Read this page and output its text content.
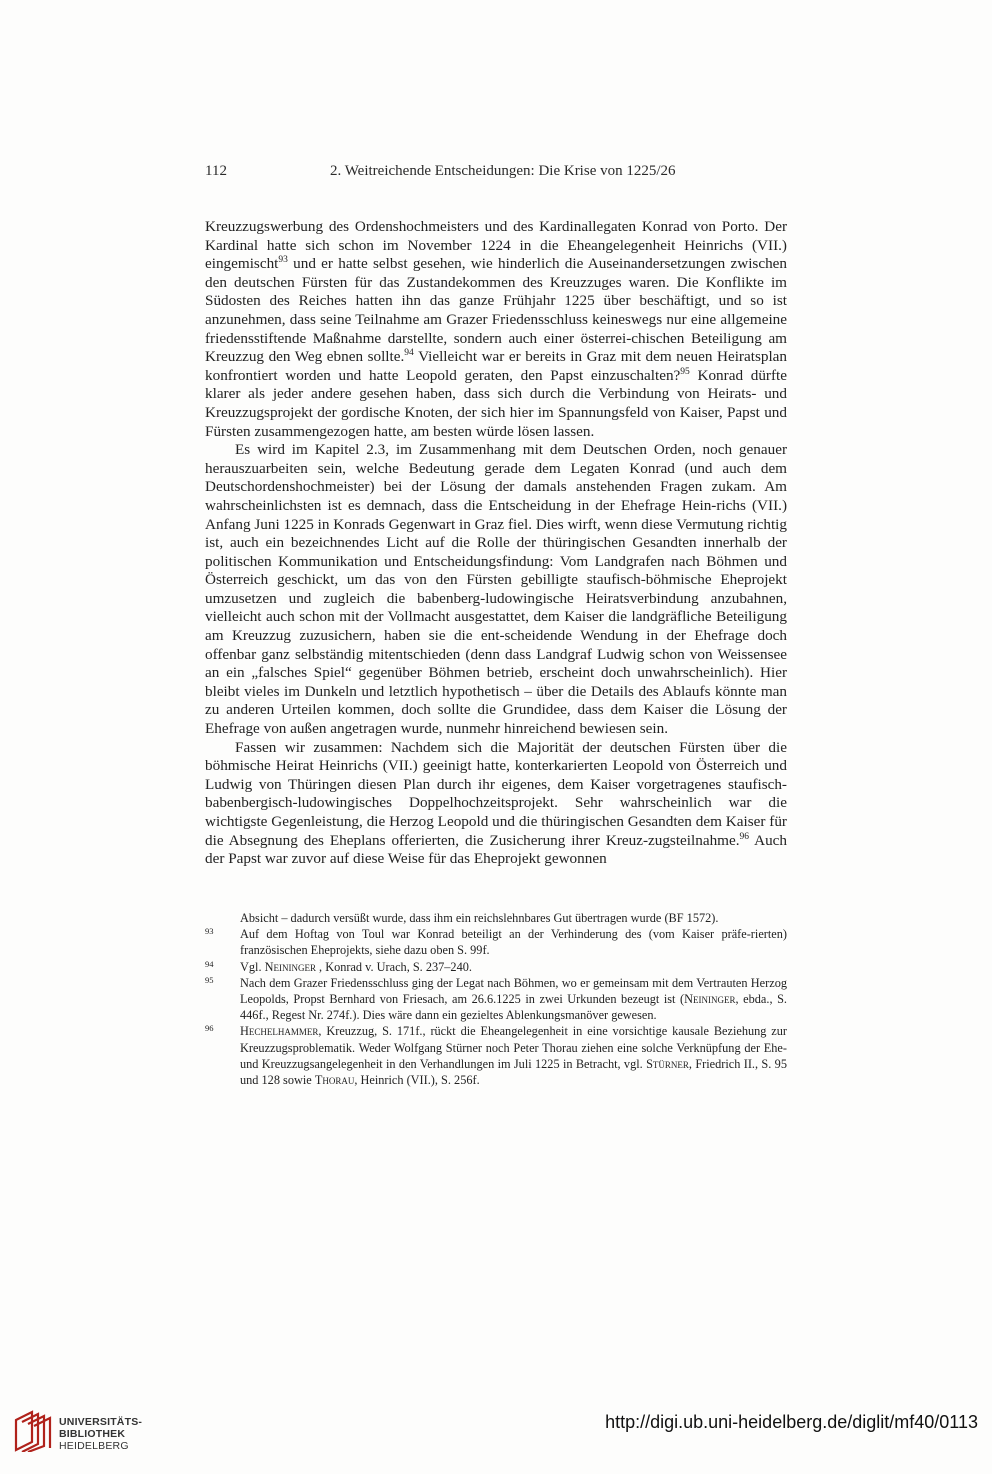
112	2. Weitreichende Entscheidungen: Die Krise von 1225/26

Kreuzzugswerbung des Ordenshochmeisters und des Kardinallegaten Konrad von Porto. Der Kardinal hatte sich schon im November 1224 in die Eheangelegenheit Heinrichs (VII.) eingemischt$^{93}$ und er hatte selbst gesehen, wie hinderlich die Auseinandersetzungen zwischen den deutschen Fürsten für das Zustandekommen des Kreuzzuges waren. Die Konflikte im Südosten des Reiches hatten ihn das ganze Frühjahr 1225 über beschäftigt, und so ist anzunehmen, dass seine Teilnahme am Grazer Friedensschluss keineswegs nur eine allgemeine friedensstiftende Maßnahme darstellte, sondern auch einer österrei-chischen Beteiligung am Kreuzzug den Weg ebnen sollte.$^{94}$ Vielleicht war er bereits in Graz mit dem neuen Heiratsplan konfrontiert worden und hatte Leopold geraten, den Papst einzuschalten?$^{95}$ Konrad dürfte klarer als jeder andere gesehen haben, dass sich durch die Verbindung von Heirats- und Kreuzzugsprojekt der gordische Knoten, der sich hier im Spannungsfeld von Kaiser, Papst und Fürsten zusammengezogen hatte, am besten würde lösen lassen.

Es wird im Kapitel 2.3, im Zusammenhang mit dem Deutschen Orden, noch genauer herauszuarbeiten sein, welche Bedeutung gerade dem Legaten Konrad (und auch dem Deutschordenshochmeister) bei der Lösung der damals anstehenden Fragen zukam. Am wahrscheinlichsten ist es demnach, dass die Entscheidung in der Ehefrage Hein-richs (VII.) Anfang Juni 1225 in Konrads Gegenwart in Graz fiel. Dies wirft, wenn diese Vermutung richtig ist, auch ein bezeichnendes Licht auf die Rolle der thüringischen Gesandten innerhalb der politischen Kommunikation und Entscheidungsfindung: Vom Landgrafen nach Böhmen und Österreich geschickt, um das von den Fürsten gebilligte staufisch-böhmische Eheprojekt umzusetzen und zugleich die babenberg-ludowingische Heiratsverbindung anzubahnen, vielleicht auch schon mit der Vollmacht ausgestattet, dem Kaiser die landgräfliche Beteiligung am Kreuzzug zuzusichern, haben sie die ent-scheidende Wendung in der Ehefrage doch offenbar ganz selbständig mitentschieden (denn dass Landgraf Ludwig schon von Weissensee an ein „falsches Spiel“ gegenüber Böhmen betrieb, erscheint doch unwahrscheinlich). Hier bleibt vieles im Dunkeln und letztlich hypothetisch – über die Details des Ablaufs könnte man zu anderen Urteilen kommen, doch sollte die Grundidee, dass dem Kaiser die Lösung der Ehefrage von außen angetragen wurde, nunmehr hinreichend bewiesen sein.

Fassen wir zusammen: Nachdem sich die Majorität der deutschen Fürsten über die böhmische Heirat Heinrichs (VII.) geeinigt hatte, konterkarierten Leopold von Österreich und Ludwig von Thüringen diesen Plan durch ihr eigenes, dem Kaiser vorgetragenes staufisch-babenbergisch-ludowingisches Doppelhochzeitsprojekt. Sehr wahrscheinlich war die wichtigste Gegenleistung, die Herzog Leopold und die thüringischen Gesandten dem Kaiser für die Absegnung des Eheplans offerierten, die Zusicherung ihrer Kreuz-zugsteilnahme.$^{96}$ Auch der Papst war zuvor auf diese Weise für das Eheprojekt gewonnen

Absicht – dadurch versüßt wurde, dass ihm ein reichslehnbares Gut übertragen wurde (BF 1572).

93 Auf dem Hoftag von Toul war Konrad beteiligt an der Verhinderung des (vom Kaiser präfe-rierten) französischen Eheprojekts, siehe dazu oben S. 99f.

94 Vgl. Neininger , Konrad v. Urach, S. 237–240.

95 Nach dem Grazer Friedensschluss ging der Legat nach Böhmen, wo er gemeinsam mit dem Vertrauten Herzog Leopolds, Propst Bernhard von Friesach, am 26.6.1225 in zwei Urkunden bezeugt ist (Neininger, ebda., S. 446f., Regest Nr. 274f.). Dies wäre dann ein gezieltes Ablenkungsmanöver gewesen.

96 Hechelhammer, Kreuzzug, S. 171f., rückt die Eheangelegenheit in eine vorsichtige kausale Beziehung zur Kreuzzugsproblematik. Weder Wolfgang Stürner noch Peter Thorau ziehen eine solche Verknüpfung der Ehe- und Kreuzzugsangelegenheit in den Verhandlungen im Juli 1225 in Betracht, vgl. Stürner, Friedrich II., S. 95 und 128 sowie Thorau, Heinrich (VII.), S. 256f.

UNIVERSITÄTS-
BIBLIOTHEK
HEIDELBERG
http://digi.ub.uni-heidelberg.de/diglit/mf40/0113
